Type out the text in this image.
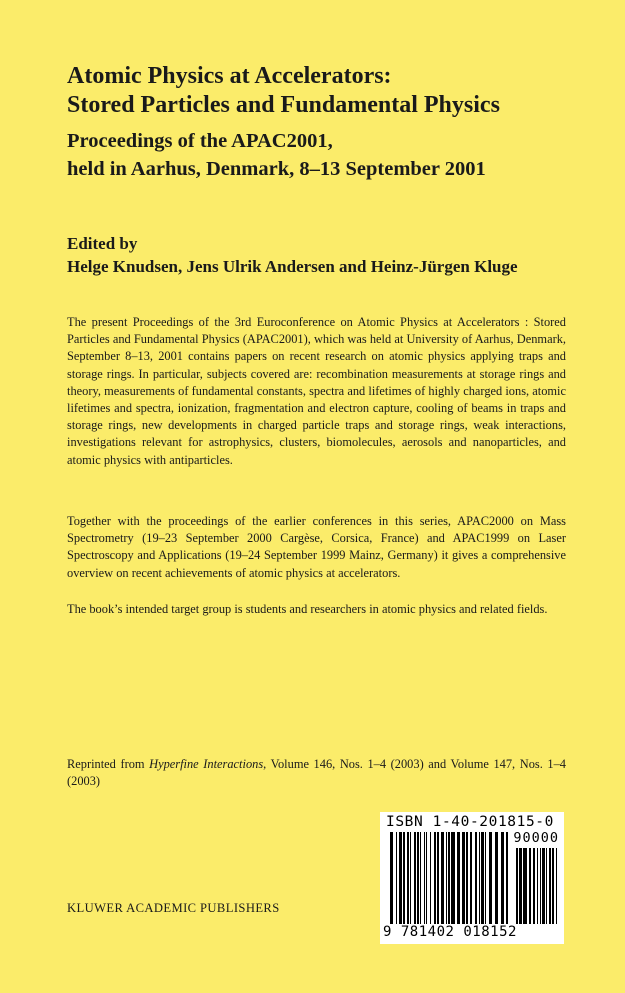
Atomic Physics at Accelerators:
Stored Particles and Fundamental Physics
Proceedings of the APAC2001,
held in Aarhus, Denmark, 8–13 September 2001
Edited by
Helge Knudsen, Jens Ulrik Andersen and Heinz-Jürgen Kluge

The present Proceedings of the 3rd Euroconference on Atomic Physics at Accelerators : Stored Particles and Fundamental Physics (APAC2001), which was held at University of Aarhus, Denmark, September 8–13, 2001 contains papers on recent research on atomic physics applying traps and storage rings. In particular, subjects covered are: recombination measurements at storage rings and theory, measurements of fundamental constants, spectra and lifetimes of highly charged ions, atomic lifetimes and spectra, ionization, fragmentation and electron capture, cooling of beams in traps and storage rings, new developments in charged particle traps and storage rings, weak interactions, investigations relevant for astrophysics, clusters, biomolecules, aerosols and nanoparticles, and atomic physics with antiparticles.

Together with the proceedings of the earlier conferences in this series, APAC2000 on Mass Spectrometry (19–23 September 2000 Cargèse, Corsica, France) and APAC1999 on Laser Spectroscopy and Applications (19–24 September 1999 Mainz, Germany) it gives a comprehensive overview on recent achievements of atomic physics at accelerators.

The book’s intended target group is students and researchers in atomic physics and related fields.

Reprinted from Hyperfine Interactions, Volume 146, Nos. 1–4 (2003) and Volume 147, Nos. 1–4 (2003)

KLUWER ACADEMIC PUBLISHERS
ISBN 1-40-201815-0
90000
9 781402 018152
